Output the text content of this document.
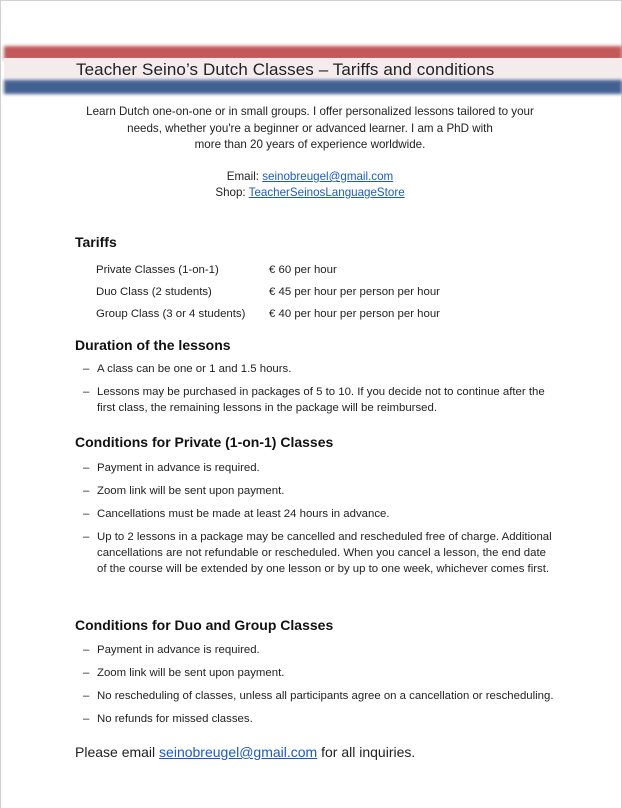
Teacher Seino’s Dutch Classes – Tariffs and conditions

Learn Dutch one-on-one or in small groups. I offer personalized lessons tailored to your

needs, whether you're a beginner or advanced learner. I am a PhD with

more than 20 years of experience worldwide.

Email: seinobreugel@gmail.com
Shop: TeacherSeinosLanguageStore
Tariffs
Private Classes (1-on-1)	€ 60 per hour
Duo Class (2 students)	€ 45 per hour per person per hour
Group Class (3 or 4 students)	€ 40 per hour per person per hour
Duration of the lessons
– A class can be one or 1 and 1.5 hours.
– Lessons may be purchased in packages of 5 to 10. If you decide not to continue after the first class, the remaining lessons in the package will be reimbursed.
Conditions for Private (1-on-1) Classes
– Payment in advance is required.
– Zoom link will be sent upon payment.
– Cancellations must be made at least 24 hours in advance.
– Up to 2 lessons in a package may be cancelled and rescheduled free of charge. Additional cancellations are not refundable or rescheduled. When you cancel a lesson, the end date of the course will be extended by one lesson or by up to one week, whichever comes first.
Conditions for Duo and Group Classes
– Payment in advance is required.
– Zoom link will be sent upon payment.
– No rescheduling of classes, unless all participants agree on a cancellation or rescheduling.
– No refunds for missed classes.
Please email seinobreugel@gmail.com for all inquiries.
